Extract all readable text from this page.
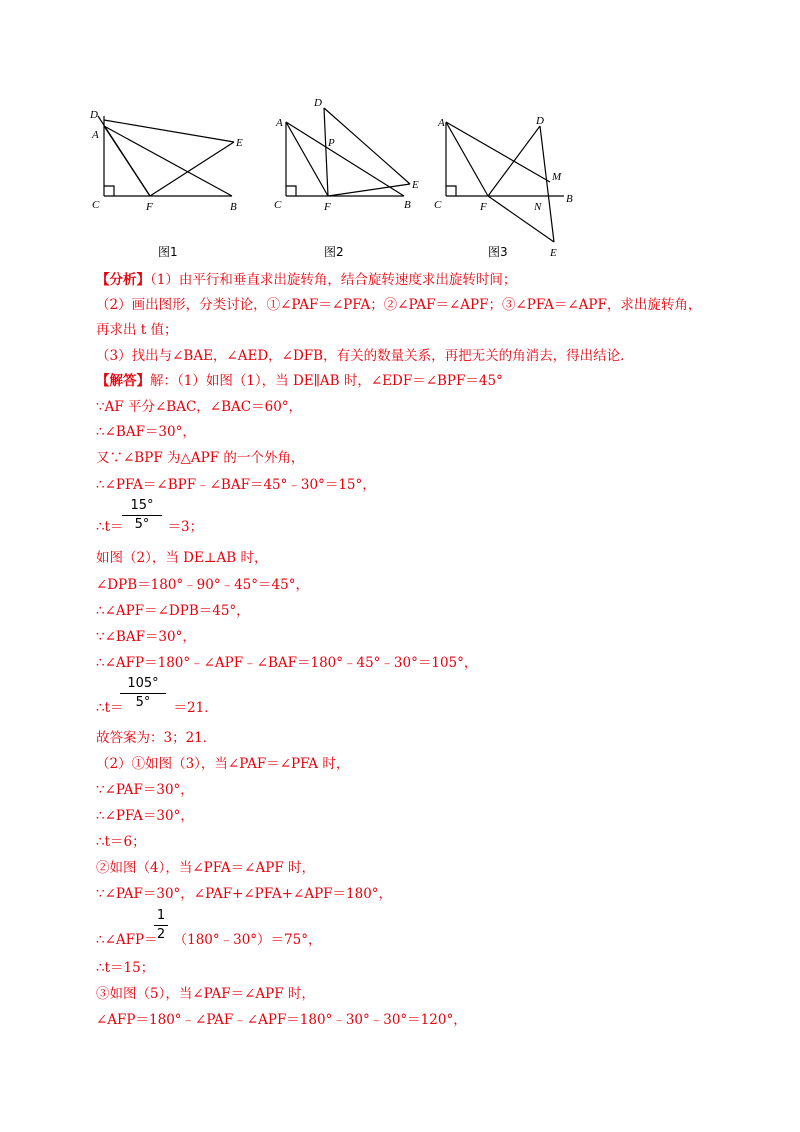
D
A
E
C	F	B
图1
D
A
P
E
C	F	B
图2
A	D
M
C	F	N
B
E
图3
【分析】（1）由平行和垂直求出旋转角，结合旋转速度求出旋转时间；
（2）画出图形，分类讨论，①∠PAF＝∠PFA；②∠PAF＝∠APF；③∠PFA＝∠APF，求出旋转角，
再求出 t 值；
（3）找出与∠BAE，∠AED，∠DFB，有关的数量关系，再把无关的角消去，得出结论．
【解答】解：（1）如图（1），当 DE∥AB 时，∠EDF＝∠BPF＝45°
∵AF 平分∠BAC，∠BAC＝60°，
∴∠BAF＝30°，
又∵∠BPF 为△APF 的一个外角，
∴∠PFA＝∠BPF﹣∠BAF＝45°﹣30°＝15°，
15°
5°
∴t＝	＝3；
如图（2），当 DE⊥AB 时，
∠DPB＝180°﹣90°﹣45°＝45°，
∴∠APF＝∠DPB＝45°，
∵∠BAF＝30°，
∴∠AFP＝180°﹣∠APF﹣∠BAF＝180°﹣45°﹣30°＝105°，
105°
5°
∴t＝	＝21．
故答案为：3；21．
（2）①如图（3），当∠PAF＝∠PFA 时，
∵∠PAF＝30°，
∴∠PFA＝30°，
∴t＝6；
②如图（4），当∠PFA＝∠APF 时，
∵∠PAF＝30°，∠PAF+∠PFA+∠APF＝180°，
1
2
∴∠AFP＝ （180°﹣30°）＝75°，
∴t＝15；
③如图（5），当∠PAF＝∠APF 时，
∠AFP＝180°﹣∠PAF﹣∠APF＝180°﹣30°﹣30°＝120°，
